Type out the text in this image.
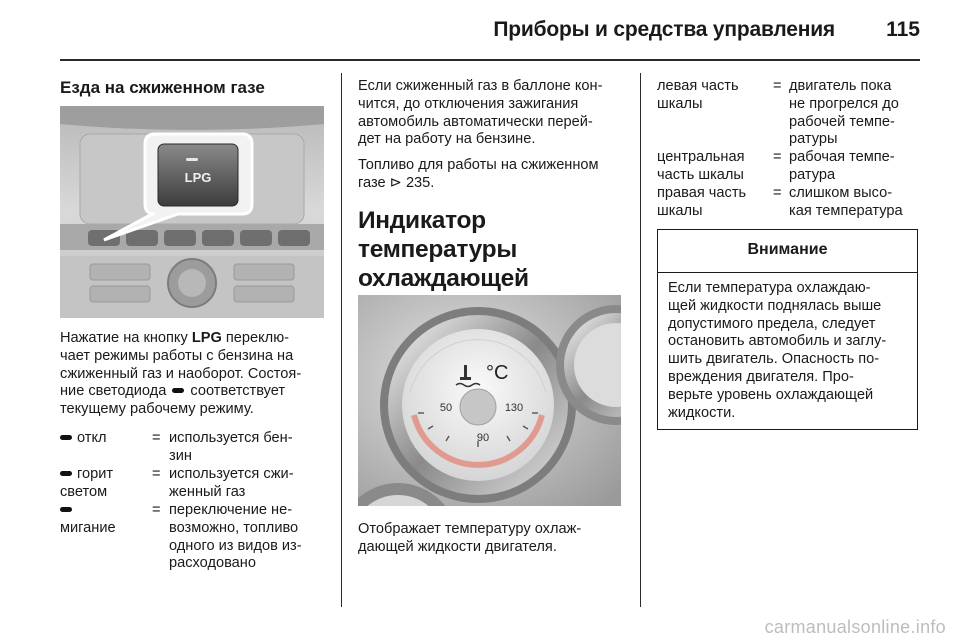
Приборы и средства управления 115
Езда на сжиженном газе
LPG

Нажатие на кнопку LPG переклю-

чает режимы работы с бензина на

сжиженный газ и наоборот. Состоя-

ние светодиода  соответствует

текущему рабочему режиму.

откл	= используется бен-
зин
горит
светом
= используется сжи-
женный газ
мигание
= переключение не-
возможно, топливо
одного из видов из-
расходовано

Если сжиженный газ в баллоне кон-

чится, до отключения зажигания

автомобиль автоматически перей-

дет на работу на бензине.

Топливо для работы на сжиженном

газе ⊳ 235.

Индикатор температуры
охлаждающей
°C
50
90
130

Отображает температуру охлаж-

дающей жидкости двигателя.

левая часть
шкалы
= двигатель пока
не прогрелся до
рабочей темпе-
ратуры
центральная
часть шкалы
= рабочая темпе-
ратура
правая часть
шкалы
= слишком высо-
кая температура
Внимание
Если температура охлаждаю-
щей жидкости поднялась выше
допустимого предела, следует
остановить автомобиль и заглу-
шить двигатель. Опасность по-
вреждения двигателя. Про-
верьте уровень охлаждающей
жидкости.
carmanualsonline.info
